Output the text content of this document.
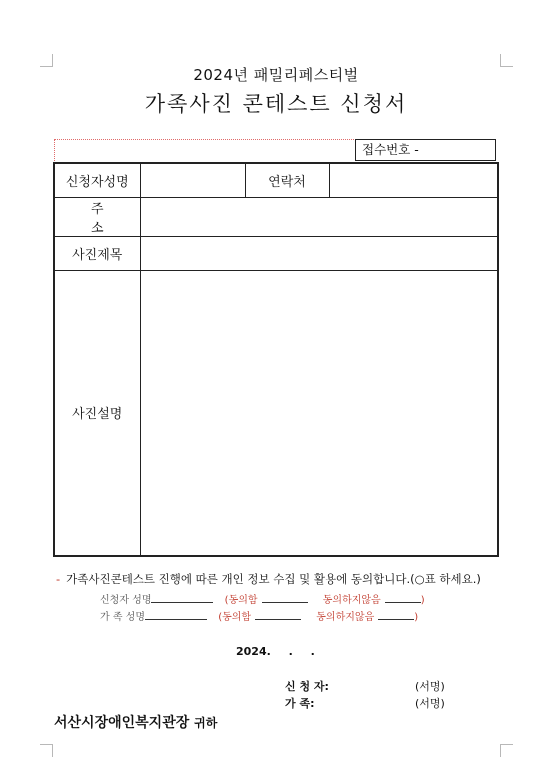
2024년 패밀리페스티벌
가족사진 콘테스트 신청서
접수번호 -
신청자성명		연락처	
주 소			
사진제목			
사진설명			
- 가족사진콘테스트 진행에 따른 개인 정보 수집 및 활용에 동의합니다.(○표 하세요.)
신청자 성명	(동의함	동의하지않음	)
가 족 성명	(동의함	동의하지않음	)
2024. . .
신 청 자:	(서명)
가 족:	(서명)
서산시장애인복지관장 귀하
